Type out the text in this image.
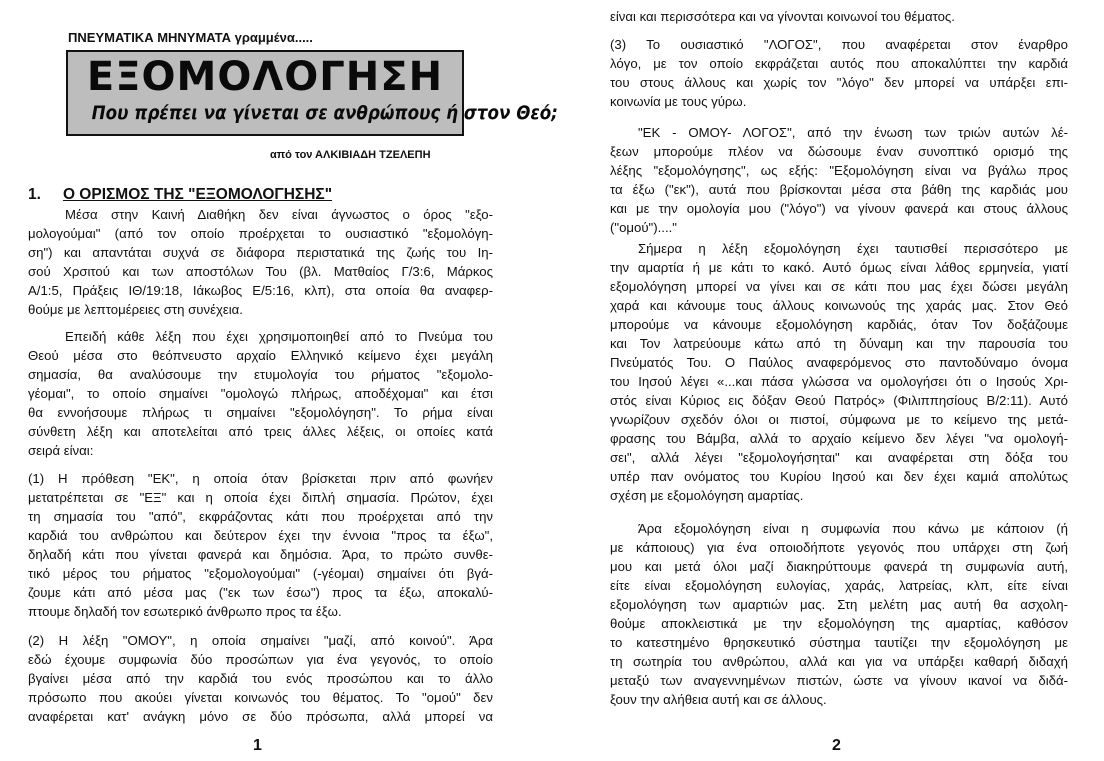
ΠΝΕΥΜΑΤΙΚΑ ΜΗΝΥΜΑΤΑ γραμμένα.....
ΕΞΟΜΟΛΟΓΗΣΗ
Που πρέπει να γίνεται σε ανθρώπους ή στον Θεό;
από τον ΑΛΚΙΒΙΑΔΗ ΤΖΕΛΕΠΗ
1. Ο ΟΡΙΣΜΟΣ ΤΗΣ "ΕΞΟΜΟΛΟΓΗΣΗΣ"
Μέσα στην Καινή Διαθήκη δεν είναι άγνωστος ο όρος "εξο-
μολογούμαι" (από τον οποίο προέρχεται το ουσιαστικό "εξομολόγη-
ση") και απαντάται συχνά σε διάφορα περιστατικά της ζωής του Ιη-
σού Χρσιτού και των αποστόλων Του (βλ. Ματθαίος Γ/3:6, Μάρκος
Α/1:5, Πράξεις ΙΘ/19:18, Ιάκωβος Ε/5:16, κλπ), στα οποία θα αναφερ-
θούμε με λεπτομέρειες στη συνέχεια.
Επειδή κάθε λέξη που έχει χρησιμοποιηθεί από το Πνεύμα του
Θεού μέσα στο θεόπνευστο αρχαίο Ελληνικό κείμενο έχει μεγάλη
σημασία, θα αναλύσουμε την ετυμολογία του ρήματος "εξομολο-
γέομαι", το οποίο σημαίνει "ομολογώ πλήρως, αποδέχομαι" και έτσι
θα εννοήσουμε πλήρως τι σημαίνει "εξομολόγηση". Το ρήμα είναι
σύνθετη λέξη και αποτελείται από τρεις άλλες λέξεις, οι οποίες κατά
σειρά είναι:
(1) Η πρόθεση "ΕΚ", η οποία όταν βρίσκεται πριν από φωνήεν
μετατρέπεται σε "ΕΞ" και η οποία έχει διπλή σημασία. Πρώτον, έχει
τη σημασία του "από", εκφράζοντας κάτι που προέρχεται από την
καρδιά του ανθρώπου και δεύτερον έχει την έννοια "προς τα έξω",
δηλαδή κάτι που γίνεται φανερά και δημόσια. Άρα, το πρώτο συνθε-
τικό μέρος του ρήματος "εξομολογούμαι" (-γέομαι) σημαίνει ότι βγά-
ζουμε κάτι από μέσα μας ("εκ των έσω") προς τα έξω, αποκαλύ-
πτουμε δηλαδή τον εσωτερικό άνθρωπο προς τα έξω.
(2) Η λέξη "ΟΜΟΥ", η οποία σημαίνει "μαζί, από κοινού". Άρα
εδώ έχουμε συμφωνία δύο προσώπων για ένα γεγονός, το οποίο
βγαίνει μέσα από την καρδιά του ενός προσώπου και το άλλο
πρόσωπο που ακούει γίνεται κοινωνός του θέματος. Το "ομού" δεν
αναφέρεται κατ' ανάγκη μόνο σε δύο πρόσωπα, αλλά μπορεί να
1
είναι και περισσότερα και να γίνονται κοινωνοί του θέματος.
(3) Το ουσιαστικό "ΛΟΓΟΣ", που αναφέρεται στον έναρθρο
λόγο, με τον οποίο εκφράζεται αυτός που αποκαλύπτει την καρδιά
του στους άλλους και χωρίς τον "λόγο" δεν μπορεί να υπάρξει επι-
κοινωνία με τους γύρω.
"ΕΚ - ΟΜΟΥ- ΛΟΓΟΣ", από την ένωση των τριών αυτών λέ-
ξεων μπορούμε πλέον να δώσουμε έναν συνοπτικό ορισμό της
λέξης "εξομολόγησης", ως εξής: "Εξομολόγηση είναι να βγάλω προς
τα έξω ("εκ"), αυτά που βρίσκονται μέσα στα βάθη της καρδιάς μου
και με την ομολογία μου ("λόγο") να γίνουν φανερά και στους άλλους
("ομού")...."
Σήμερα η λέξη εξομολόγηση έχει ταυτισθεί περισσότερο με
την αμαρτία ή με κάτι το κακό. Αυτό όμως είναι λάθος ερμηνεία, γιατί
εξομολόγηση μπορεί να γίνει και σε κάτι που μας έχει δώσει μεγάλη
χαρά και κάνουμε τους άλλους κοινωνούς της χαράς μας. Στον Θεό
μπορούμε να κάνουμε εξομολόγηση καρδιάς, όταν Τον δοξάζουμε
και Τον λατρεύουμε κάτω από τη δύναμη και την παρουσία του
Πνεύματός Του. Ο Παύλος αναφερόμενος στο παντοδύναμο όνομα
του Ιησού λέγει «...και πάσα γλώσσα να ομολογήσει ότι ο Ιησούς Χρι-
στός είναι Κύριος εις δόξαν Θεού Πατρός» (Φιλιππησίους Β/2:11). Αυτό
γνωρίζουν σχεδόν όλοι οι πιστοί, σύμφωνα με το κείμενο της μετά-
φρασης του Βάμβα, αλλά το αρχαίο κείμενο δεν λέγει "να ομολογή-
σει", αλλά λέγει "εξομολογήσηται" και αναφέρεται στη δόξα του
υπέρ παν ονόματος του Κυρίου Ιησού και δεν έχει καμιά απολύτως
σχέση με εξομολόγηση αμαρτίας.
Άρα εξομολόγηση είναι η συμφωνία που κάνω με κάποιον (ή
με κάποιους) για ένα οποιοδήποτε γεγονός που υπάρχει στη ζωή
μου και μετά όλοι μαζί διακηρύττουμε φανερά τη συμφωνία αυτή,
είτε είναι εξομολόγηση ευλογίας, χαράς, λατρείας, κλπ, είτε είναι
εξομολόγηση των αμαρτιών μας. Στη μελέτη μας αυτή θα ασχολη-
θούμε αποκλειστικά με την εξομολόγηση της αμαρτίας, καθόσον
το κατεστημένο θρησκευτικό σύστημα ταυτίζει την εξομολόγηση με
τη σωτηρία του ανθρώπου, αλλά και για να υπάρξει καθαρή διδαχή
μεταξύ των αναγεννημένων πιστών, ώστε να γίνουν ικανοί να διδά-
ξουν την αλήθεια αυτή και σε άλλους.
2
